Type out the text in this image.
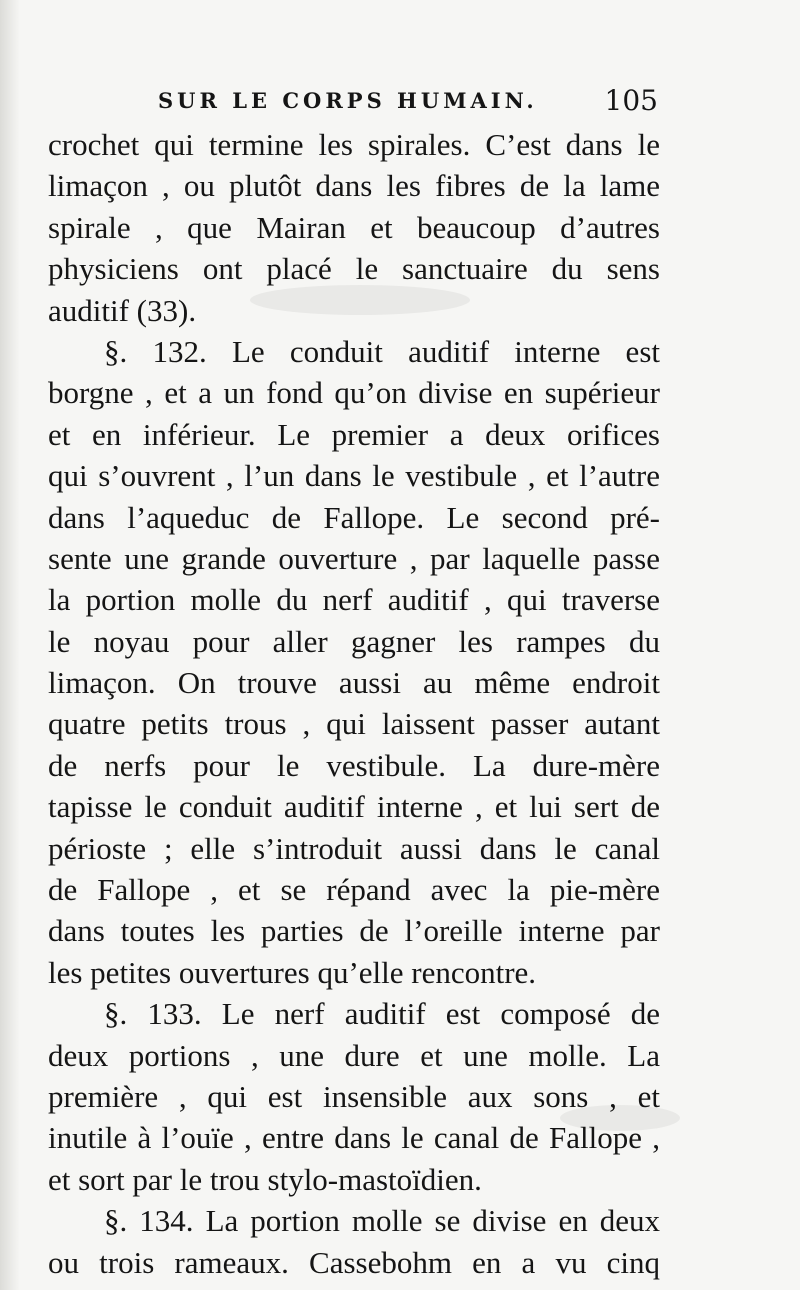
SUR LE CORPS HUMAIN. 105
crochet qui termine les spirales. C’est dans le
limaçon , ou plutôt dans les fibres de la lame
spirale , que Mairan et beaucoup d’autres
physiciens ont placé le sanctuaire du sens
auditif (33).
§. 132. Le conduit auditif interne est
borgne , et a un fond qu’on divise en supérieur
et en inférieur. Le premier a deux orifices
qui s’ouvrent , l’un dans le vestibule , et l’autre
dans l’aqueduc de Fallope. Le second pré-
sente une grande ouverture , par laquelle passe
la portion molle du nerf auditif , qui traverse
le noyau pour aller gagner les rampes du
limaçon. On trouve aussi au même endroit
quatre petits trous , qui laissent passer autant
de nerfs pour le vestibule. La dure-mère
tapisse le conduit auditif interne , et lui sert de
périoste ; elle s’introduit aussi dans le canal
de Fallope , et se répand avec la pie-mère
dans toutes les parties de l’oreille interne par
les petites ouvertures qu’elle rencontre.
§. 133. Le nerf auditif est composé de
deux portions , une dure et une molle. La
première , qui est insensible aux sons , et
inutile à l’ouïe , entre dans le canal de Fallope ,
et sort par le trou stylo-mastoïdien.
§. 134. La portion molle se divise en deux
ou trois rameaux. Cassebohm en a vu cinq
